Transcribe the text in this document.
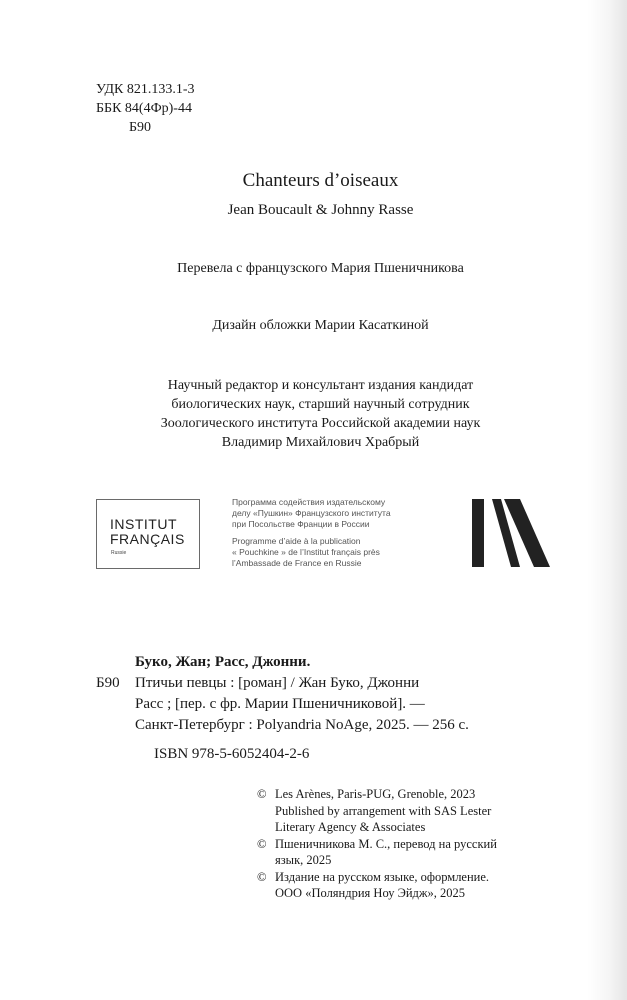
УДК 821.133.1-3
ББК 84(4Фр)-44
Б90
Chanteurs d’oiseaux
Jean Boucault & Johnny Rasse
Перевела с французского Мария Пшеничникова
Дизайн обложки Марии Касаткиной
Научный редактор и консультант издания кандидат
биологических наук, старший научный сотрудник
Зоологического института Российской академии наук
Владимир Михайлович Храбрый
INSTITUT
FRANÇAIS
Russie
Программа содействия издательскому
делу «Пушкин» Французского института
при Посольстве Франции в России
Programme d’aide à la publication
« Pouchkine » de l’Institut français près
l’Ambassade de France en Russie
Буко, Жан; Расс, Джонни.
Б90 Птичьи певцы : [роман] / Жан Буко, Джонни
Расс ; [пер. с фр. Марии Пшеничниковой]. —
Санкт-Петербург : Polyandria NoAge, 2025. — 256 с.
ISBN 978-5-6052404-2-6
© Les Arènes, Paris-PUG, Grenoble, 2023
Published by arrangement with SAS Lester
Literary Agency & Associates
© Пшеничникова М. С., перевод на русский
язык, 2025
© Издание на русском языке, оформление.
ООО «Поляндрия Ноу Эйдж», 2025
